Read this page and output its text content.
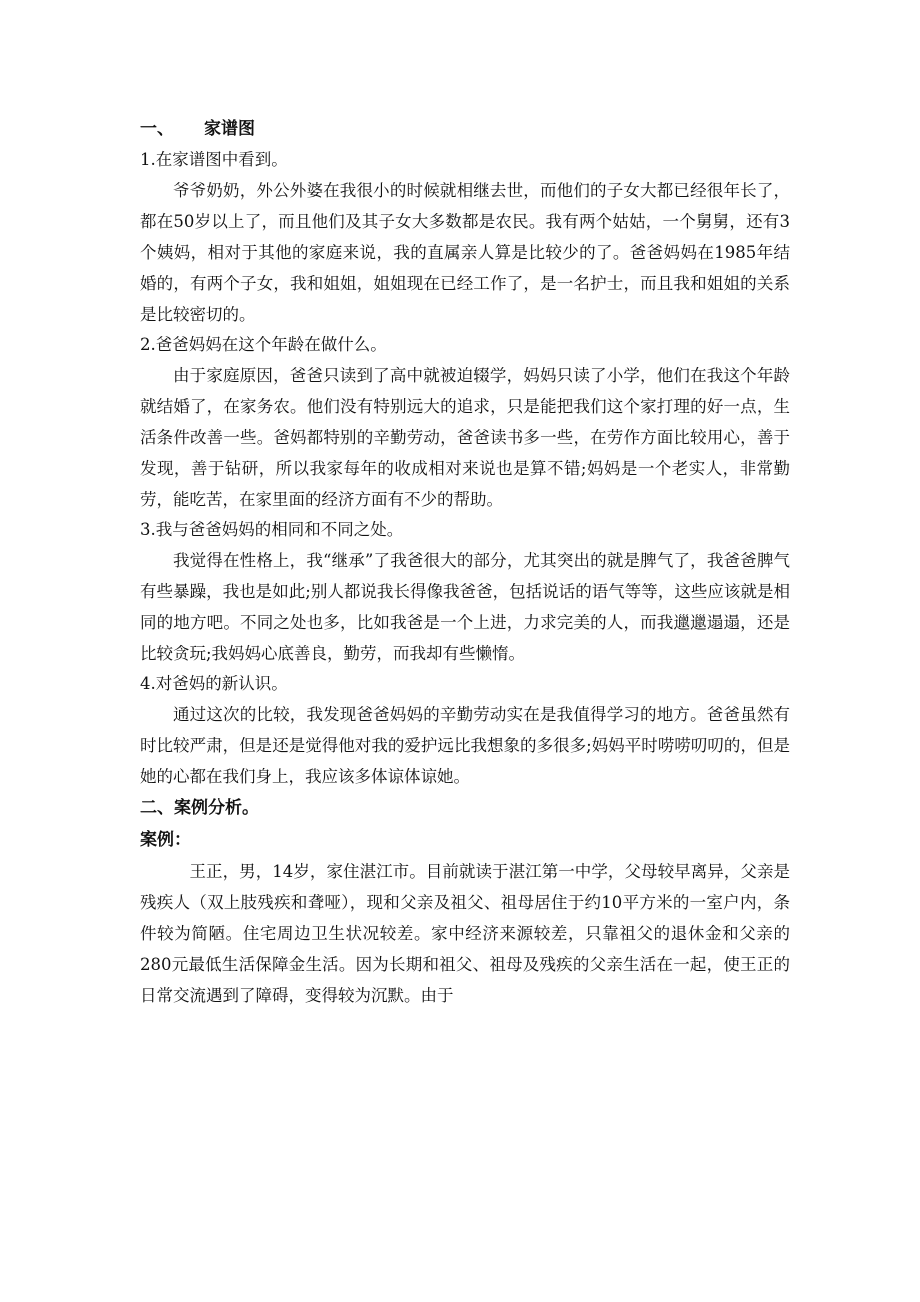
一、 家谱图
1.在家谱图中看到。

爷爷奶奶，外公外婆在我很小的时候就相继去世，而他们的子女大都已经很年长了，都在50岁以上了，而且他们及其子女大多数都是农民。我有两个姑姑，一个舅舅，还有3个姨妈，相对于其他的家庭来说，我的直属亲人算是比较少的了。爸爸妈妈在1985年结婚的，有两个子女，我和姐姐，姐姐现在已经工作了，是一名护士，而且我和姐姐的关系是比较密切的。

2.爸爸妈妈在这个年龄在做什么。

由于家庭原因，爸爸只读到了高中就被迫辍学，妈妈只读了小学，他们在我这个年龄就结婚了，在家务农。他们没有特别远大的追求，只是能把我们这个家打理的好一点，生活条件改善一些。爸妈都特别的辛勤劳动，爸爸读书多一些，在劳作方面比较用心，善于发现，善于钻研，所以我家每年的收成相对来说也是算不错;妈妈是一个老实人，非常勤劳，能吃苦，在家里面的经济方面有不少的帮助。

3.我与爸爸妈妈的相同和不同之处。

我觉得在性格上，我“继承”了我爸很大的部分，尤其突出的就是脾气了，我爸爸脾气有些暴躁，我也是如此;别人都说我长得像我爸爸，包括说话的语气等等，这些应该就是相同的地方吧。不同之处也多，比如我爸是一个上进，力求完美的人，而我邋邋遢遢，还是比较贪玩;我妈妈心底善良，勤劳，而我却有些懒惰。

4.对爸妈的新认识。

通过这次的比较，我发现爸爸妈妈的辛勤劳动实在是我值得学习的地方。爸爸虽然有时比较严肃，但是还是觉得他对我的爱护远比我想象的多很多;妈妈平时唠唠叨叨的，但是她的心都在我们身上，我应该多体谅体谅她。

二、案例分析。
案例：

王正，男，14岁，家住湛江市。目前就读于湛江第一中学，父母较早离异，父亲是残疾人（双上肢残疾和聋哑），现和父亲及祖父、祖母居住于约10平方米的一室户内，条件较为简陋。住宅周边卫生状况较差。家中经济来源较差，只靠祖父的退休金和父亲的280元最低生活保障金生活。因为长期和祖父、祖母及残疾的父亲生活在一起，使王正的日常交流遇到了障碍，变得较为沉默。由于
